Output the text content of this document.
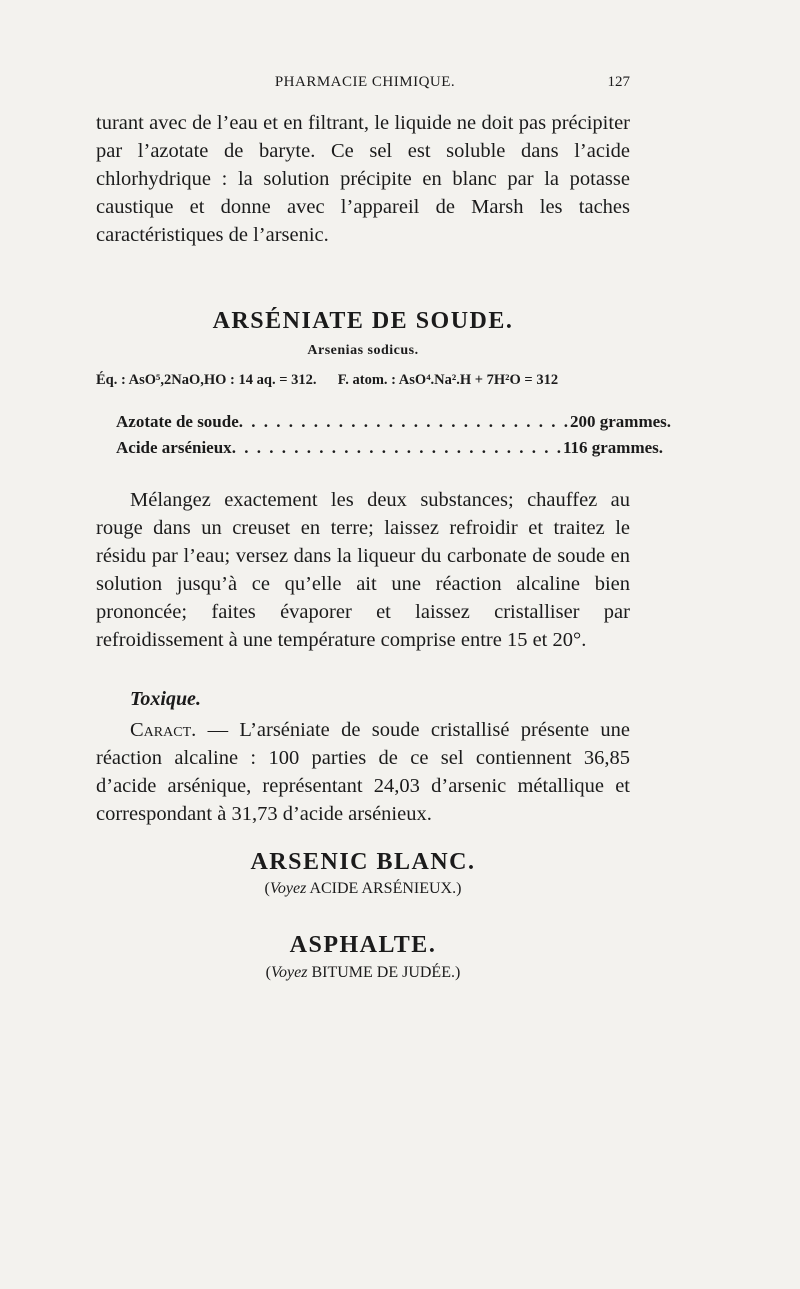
PHARMACIE CHIMIQUE.	127

turant avec de l’eau et en filtrant, le liquide ne doit pas précipiter par l’azotate de baryte. Ce sel est soluble dans l’acide chlorhydrique : la solution précipite en blanc par la potasse caustique et donne avec l’appareil de Marsh les taches caractéristiques de l’arsenic.

ARSÉNIATE DE SOUDE.
Arsenias sodicus.
Éq. : AsO⁵,2NaO,HO : 14 aq. = 312. F. atom. : AsO⁴.Na².H + 7H²O = 312
Azotate de soude . . . . . . . . . . . . . . . . . . . . . . . . . . . 200 grammes.
Acide arsénieux . . . . . . . . . . . . . . . . . . . . . . . . . . . 116 grammes.

Mélangez exactement les deux substances; chauffez au rouge dans un creuset en terre; laissez refroidir et traitez le résidu par l’eau; versez dans la liqueur du carbonate de soude en solution jusqu’à ce qu’elle ait une réaction alcaline bien prononcée; faites évaporer et laissez cristalliser par refroidissement à une température comprise entre 15 et 20°.

Toxique.

Caract. — L’arséniate de soude cristallisé présente une réaction alcaline : 100 parties de ce sel contiennent 36,85 d’acide arsénique, représentant 24,03 d’arsenic métallique et correspondant à 31,73 d’acide arsénieux.

ARSENIC BLANC.
(Voyez ACIDE ARSÉNIEUX.)
ASPHALTE.
(Voyez BITUME DE JUDÉE.)
